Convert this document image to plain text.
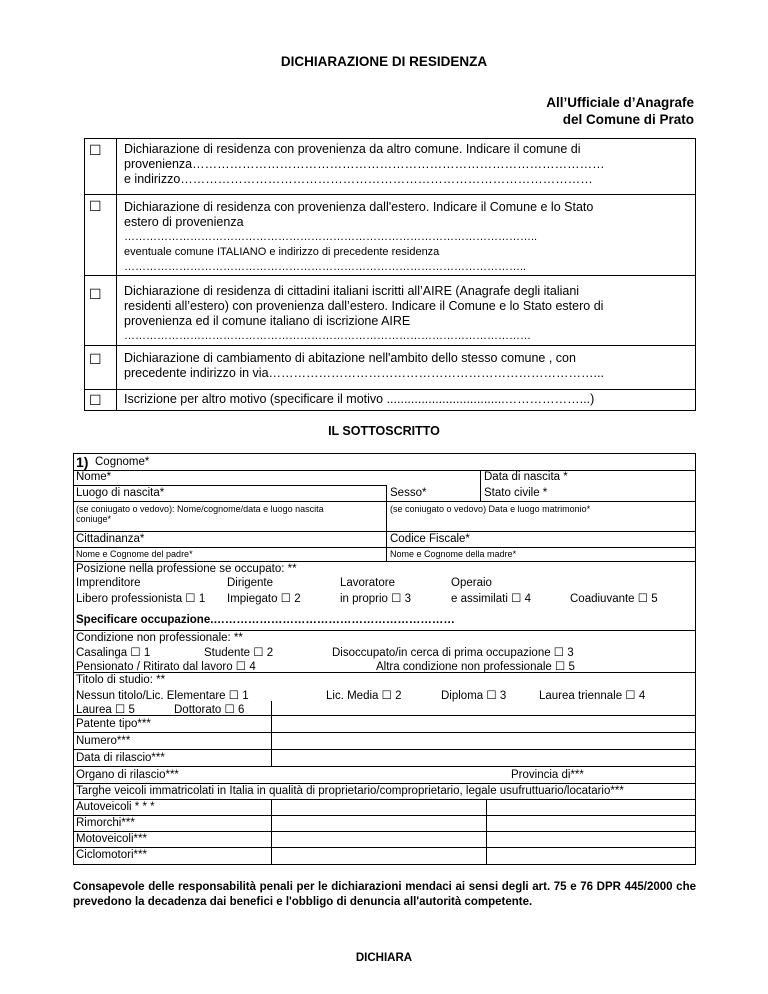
DICHIARAZIONE DI RESIDENZA
All’Ufficiale d’Anagrafe
del Comune di Prato
☐	Dichiarazione di residenza con provenienza da altro comune. Indicare il comune di
provenienza………………………………………………………………………………………
e indirizzo………………………………………………………………………………………
☐	Dichiarazione di residenza con provenienza dall'estero. Indicare il Comune e lo Stato
estero di provenienza
…………………………………………………………………………………………………..
eventuale comune ITALIANO e indirizzo di precedente residenza
………………………………………………………………………………………………..
☐	Dichiarazione di residenza di cittadini italiani iscritti all’AIRE (Anagrafe degli italiani
residenti all’estero) con provenienza dall’estero. Indicare il Comune e lo Stato estero di
provenienza ed il comune italiano di iscrizione AIRE
…………………………………………………………………………………………………
☐	Dichiarazione di cambiamento di abitazione nell'ambito dello stesso comune , con
precedente indirizzo in via……………………………………………………………………...
☐	Iscrizione per altro motivo (specificare il motivo ..................................………………...)
IL SOTTOSCRITTO
1) Cognome*
Nome*	Data di nascita *
Luogo di nascita*	Sesso*	Stato civile *
(se coniugato o vedovo): Nome/cognome/data e luogo nascita
coniuge*
(se coniugato o vedovo) Data e luogo matrimonio*
Cittadinanza*	Codice Fiscale*
Nome e Cognome del padre*	Nome e Cognome della madre*
Posizione nella professione se occupato: **
Imprenditore
Libero professionista ☐ 1
Dirigente
Impiegato ☐ 2
Lavoratore
in proprio ☐ 3
Operaio
e assimilati ☐ 4	Coadiuvante ☐ 5
Specificare occupazione.………………………………………………………
Condizione non professionale: **
Casalinga ☐ 1	Studente ☐ 2	Disoccupato/in cerca di prima occupazione ☐ 3
Pensionato / Ritirato dal lavoro ☐ 4	Altra condizione non professionale ☐ 5
Titolo di studio: **
Nessun titolo/Lic. Elementare ☐ 1	Lic. Media ☐ 2	Diploma ☐ 3	Laurea triennale ☐ 4
Laurea ☐ 5	Dottorato ☐ 6
Patente tipo***
Numero***
Data di rilascio***
Organo di rilascio***	Provincia di***
Targhe veicoli immatricolati in Italia in qualità di proprietario/comproprietario, legale usufruttuario/locatario***
Autoveicoli * * *
Rimorchi***
Motoveicoli***
Ciclomotori***
Consapevole delle responsabilità penali per le dichiarazioni mendaci ai sensi degli art. 75 e 76 DPR 445/2000 che prevedono la decadenza dai benefici e l'obbligo di denuncia all'autorità competente.
DICHIARA
